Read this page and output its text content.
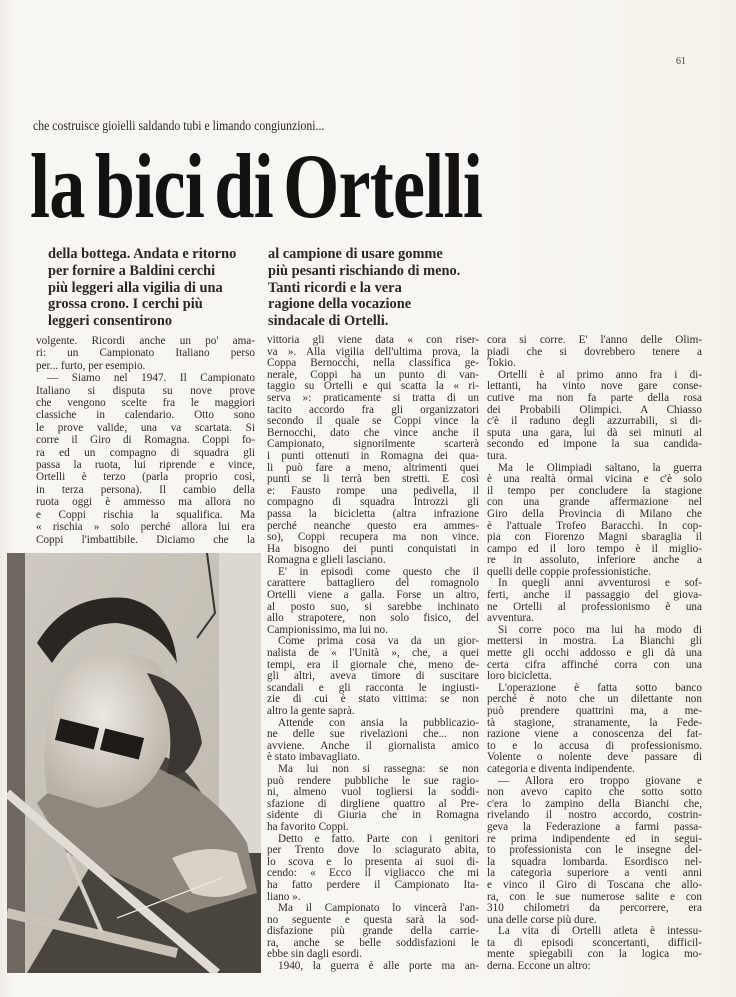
61
che costruisce gioielli saldando tubi e limando congiunzioni...
la bici di Ortelli
della bottega. Andata e ritorno
per fornire a Baldini cerchi
più leggeri alla vigilia di una
grossa crono. I cerchi più
leggeri consentirono
al campione di usare gomme
più pesanti rischiando di meno.
Tanti ricordi e la vera
ragione della vocazione
sindacale di Ortelli.
volgente. Ricordi anche un po' ama-
ri: un Campionato Italiano perso
per... furto, per esempio.
— Siamo nel 1947. Il Campionato
Italiano si disputa su nove prove
che vengono scelte fra le maggiori
classiche in calendario. Otto sono
le prove valide, una va scartata. Si
corre il Giro di Romagna. Coppi fo-
ra ed un compagno di squadra gli
passa la ruota, lui riprende e vince,
Ortelli è terzo (parla proprio così,
in terza persona). Il cambio della
ruota oggi è ammesso ma allora no
e Coppi rischia la squalifica. Ma
« rischia » solo perché allora lui era
Coppi l'imbattibile. Diciamo che la
vittoria gli viene data « con riser-
va ». Alla vigilia dell'ultima prova, la
Coppa Bernocchi, nella classifica ge-
nerale, Coppi ha un punto di van-
taggio su Ortelli e qui scatta la « ri-
serva »: praticamente si tratta di un
tacito accordo fra gli organizzatori
secondo il quale se Coppi vince la
Bernocchi, dato che vince anche il
Campionato, signorilmente scarterà
i punti ottenuti in Romagna dei qua-
li può fare a meno, altrimenti quei
punti se li terrà ben stretti. E così
e: Fausto rompe una pedivella, il
compagno di squadra Introzzi gli
passa la bicicletta (altra infrazione
perché neanche questo era ammes-
so), Coppi recupera ma non vince.
Ha bisogno dei punti conquistati in
Romagna e glieli lasciano.
E' in episodi come questo che il
carattere battagliero del romagnolo
Ortelli viene a galla. Forse un altro,
al posto suo, si sarebbe inchinato
allo strapotere, non solo fisico, del
Campionissimo, ma lui no.
Come prima cosa va da un gior-
nalista de « l'Unità », che, a quei
tempi, era il giornale che, meno de-
gli altri, aveva timore di suscitare
scandali e gli racconta le ingiusti-
zie di cui è stato vittima: se non
altro la gente saprà.
Attende con ansia la pubblicazio-
ne delle sue rivelazioni che... non
avviene. Anche il giornalista amico
è stato imbavagliato.
Ma lui non si rassegna: se non
può rendere pubbliche le sue ragio-
ni, almeno vuol togliersi la soddi-
sfazione di dirgliene quattro al Pre-
sidente di Giuria che in Romagna
ha favorito Coppi.
Detto e fatto. Parte con i genitori
per Trento dove lo sciagurato abita,
lo scova e lo presenta ai suoi di-
cendo: « Ecco il vigliacco che mi
ha fatto perdere il Campionato Ita-
liano ».
Ma il Campionato lo vincerà l'an-
no seguente e questa sarà la sod-
disfazione più grande della carrie-
ra, anche se belle soddisfazioni le
ebbe sin dagli esordi.
1940, la guerra è alle porte ma an-
cora si corre. E' l'anno delle Olim-
piadi che si dovrebbero tenere a
Tokio.
Ortelli è al primo anno fra i di-
lettanti, ha vinto nove gare conse-
cutive ma non fa parte della rosa
dei Probabili Olimpici. A Chiasso
c'è il raduno degli azzurrabili, si di-
sputa una gara, lui dà sei minuti al
secondo ed impone la sua candida-
tura.
Ma le Olimpiadi saltano, la guerra
è una realtà ormai vicina e c'è solo
il tempo per concludere la stagione
con una grande affermazione nel
Giro della Provincia di Milano che
è l'attuale Trofeo Baracchi. In cop-
pia con Fiorenzo Magni sbaraglia il
campo ed il loro tempo è il miglio-
re in assoluto, inferiore anche a
quelli delle coppie professionistiche.
In quegli anni avventurosi e sof-
ferti, anche il passaggio del giova-
ne Ortelli al professionismo è una
avventura.
Si corre poco ma lui ha modo di
mettersi in mostra. La Bianchi gli
mette gli occhi addosso e gli dà una
certa cifra affinché corra con una
loro bicicletta.
L'operazione è fatta sotto banco
perché è noto che un dilettante non
può prendere quattrini ma, a me-
tà stagione, stranamente, la Fede-
razione viene a conoscenza del fat-
to e lo accusa di professionismo.
Volente o nolente deve passare di
categoria e diventa indipendente.
— Allora ero troppo giovane e
non avevo capito che sotto sotto
c'era lo zampino della Bianchi che,
rivelando il nostro accordo, costrin-
geva la Federazione a farmi passa-
re prima indipendente ed in segui-
to professionista con le insegne del-
la squadra lombarda. Esordisco nel-
la categoria superiore a venti anni
e vinco il Giro di Toscana che allo-
ra, con le sue numerose salite e con
310 chilometri da percorrere, era
una delle corse più dure.
La vita di Ortelli atleta è intessu-
ta di episodi sconcertanti, difficil-
mente spiegabili con la logica mo-
derna. Eccone un altro:
